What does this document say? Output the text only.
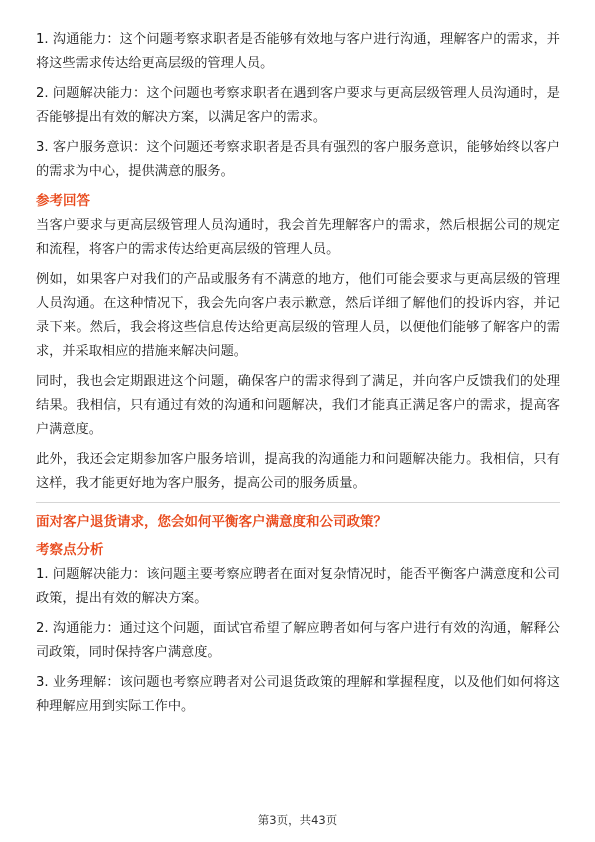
1. 沟通能力：这个问题考察求职者是否能够有效地与客户进行沟通，理解客户的需求，并将这些需求传达给更高层级的管理人员。

2. 问题解决能力：这个问题也考察求职者在遇到客户要求与更高层级管理人员沟通时，是否能够提出有效的解决方案，以满足客户的需求。

3. 客户服务意识：这个问题还考察求职者是否具有强烈的客户服务意识，能够始终以客户的需求为中心，提供满意的服务。

参考回答

当客户要求与更高层级管理人员沟通时，我会首先理解客户的需求，然后根据公司的规定和流程，将客户的需求传达给更高层级的管理人员。

例如，如果客户对我们的产品或服务有不满意的地方，他们可能会要求与更高层级的管理人员沟通。在这种情况下，我会先向客户表示歉意，然后详细了解他们的投诉内容，并记录下来。然后，我会将这些信息传达给更高层级的管理人员，以便他们能够了解客户的需求，并采取相应的措施来解决问题。

同时，我也会定期跟进这个问题，确保客户的需求得到了满足，并向客户反馈我们的处理结果。我相信，只有通过有效的沟通和问题解决，我们才能真正满足客户的需求，提高客户满意度。

此外，我还会定期参加客户服务培训，提高我的沟通能力和问题解决能力。我相信，只有这样，我才能更好地为客户服务，提高公司的服务质量。

面对客户退货请求，您会如何平衡客户满意度和公司政策？
考察点分析

1. 问题解决能力：该问题主要考察应聘者在面对复杂情况时，能否平衡客户满意度和公司政策，提出有效的解决方案。

2. 沟通能力：通过这个问题，面试官希望了解应聘者如何与客户进行有效的沟通，解释公司政策，同时保持客户满意度。

3. 业务理解：该问题也考察应聘者对公司退货政策的理解和掌握程度，以及他们如何将这种理解应用到实际工作中。

第3页，共43页
